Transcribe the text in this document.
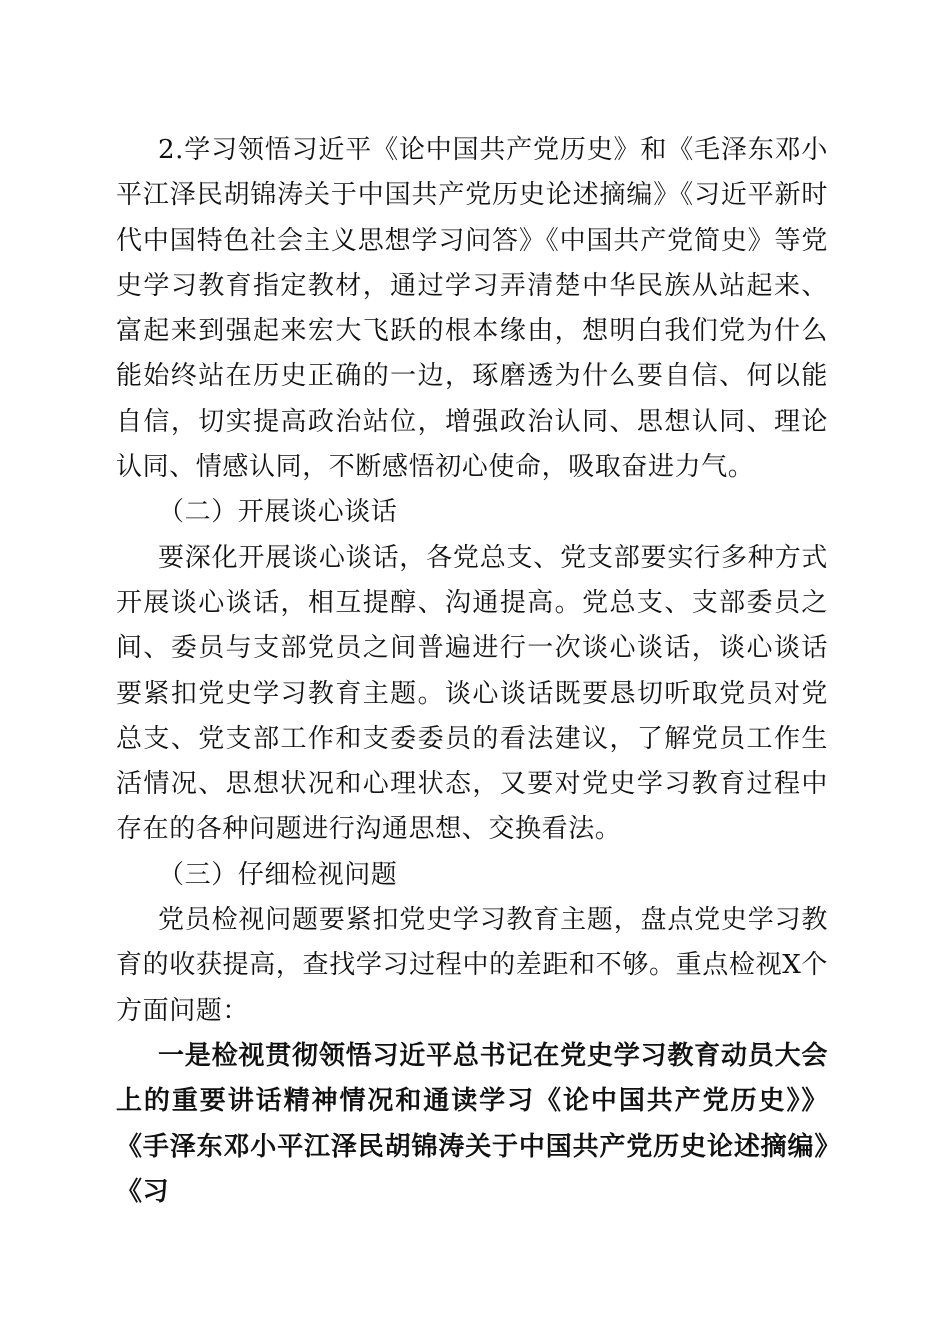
2.学习领悟习近平《论中国共产党历史》和《毛泽东邓小平江泽民胡锦涛关于中国共产党历史论述摘编》《习近平新时代中国特色社会主义思想学习问答》《中国共产党简史》等党史学习教育指定教材，通过学习弄清楚中华民族从站起来、富起来到强起来宏大飞跃的根本缘由，想明白我们党为什么能始终站在历史正确的一边，琢磨透为什么要自信、何以能自信，切实提高政治站位，增强政治认同、思想认同、理论认同、情感认同，不断感悟初心使命，吸取奋进力气。

（二）开展谈心谈话

要深化开展谈心谈话，各党总支、党支部要实行多种方式开展谈心谈话，相互提醇、沟通提高。党总支、支部委员之间、委员与支部党员之间普遍进行一次谈心谈话，谈心谈话要紧扣党史学习教育主题。谈心谈话既要恳切听取党员对党总支、党支部工作和支委委员的看法建议，了解党员工作生活情况、思想状况和心理状态，又要对党史学习教育过程中存在的各种问题进行沟通思想、交换看法。

（三）仔细检视问题

党员检视问题要紧扣党史学习教育主题，盘点党史学习教育的收获提高，查找学习过程中的差距和不够。重点检视X个方面问题：

一是检视贯彻领悟习近平总书记在党史学习教育动员大会上的重要讲话精神情况和通读学习《论中国共产党历史》》《手泽东邓小平江泽民胡锦涛关于中国共产党历史论述摘编》《习
